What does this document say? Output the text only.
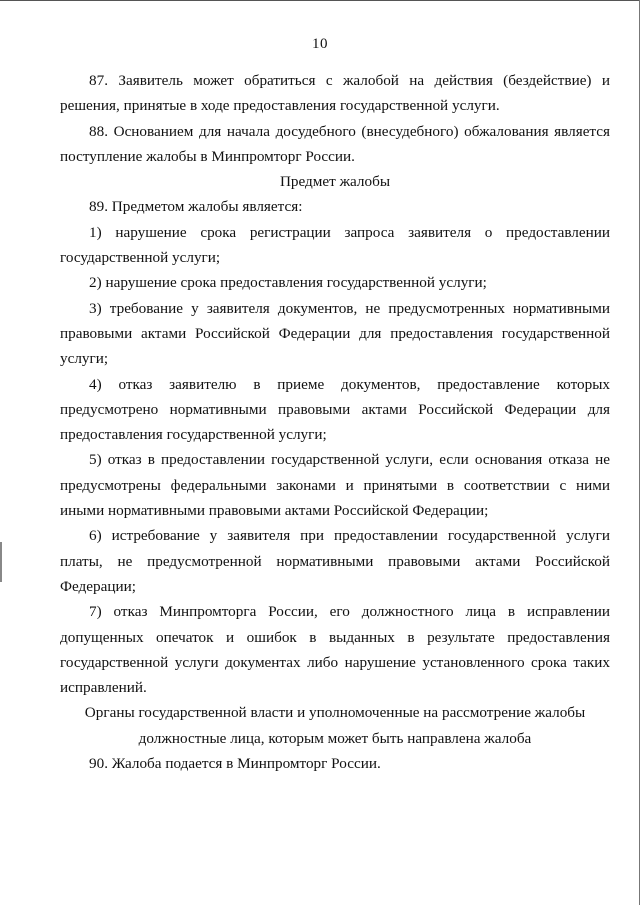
10

87. Заявитель может обратиться с жалобой на действия (бездействие) и решения, принятые в ходе предоставления государственной услуги.

88. Основанием для начала досудебного (внесудебного) обжалования является поступление жалобы в Минпромторг России.

Предмет жалобы

89. Предметом жалобы является:

1) нарушение срока регистрации запроса заявителя о предоставлении государственной услуги;

2) нарушение срока предоставления государственной услуги;

3) требование у заявителя документов, не предусмотренных нормативными правовыми актами Российской Федерации для предоставления государственной услуги;

4) отказ заявителю в приеме документов, предоставление которых предусмотрено нормативными правовыми актами Российской Федерации для предоставления государственной услуги;

5) отказ в предоставлении государственной услуги, если основания отказа не предусмотрены федеральными законами и принятыми в соответствии с ними иными нормативными правовыми актами Российской Федерации;

6) истребование у заявителя при предоставлении государственной услуги платы, не предусмотренной нормативными правовыми актами Российской Федерации;

7) отказ Минпромторга России, его должностного лица в исправлении допущенных опечаток и ошибок в выданных в результате предоставления государственной услуги документах либо нарушение установленного срока таких исправлений.

Органы государственной власти и уполномоченные на рассмотрение жалобы
должностные лица, которым может быть направлена жалоба

90. Жалоба подается в Минпромторг России.
